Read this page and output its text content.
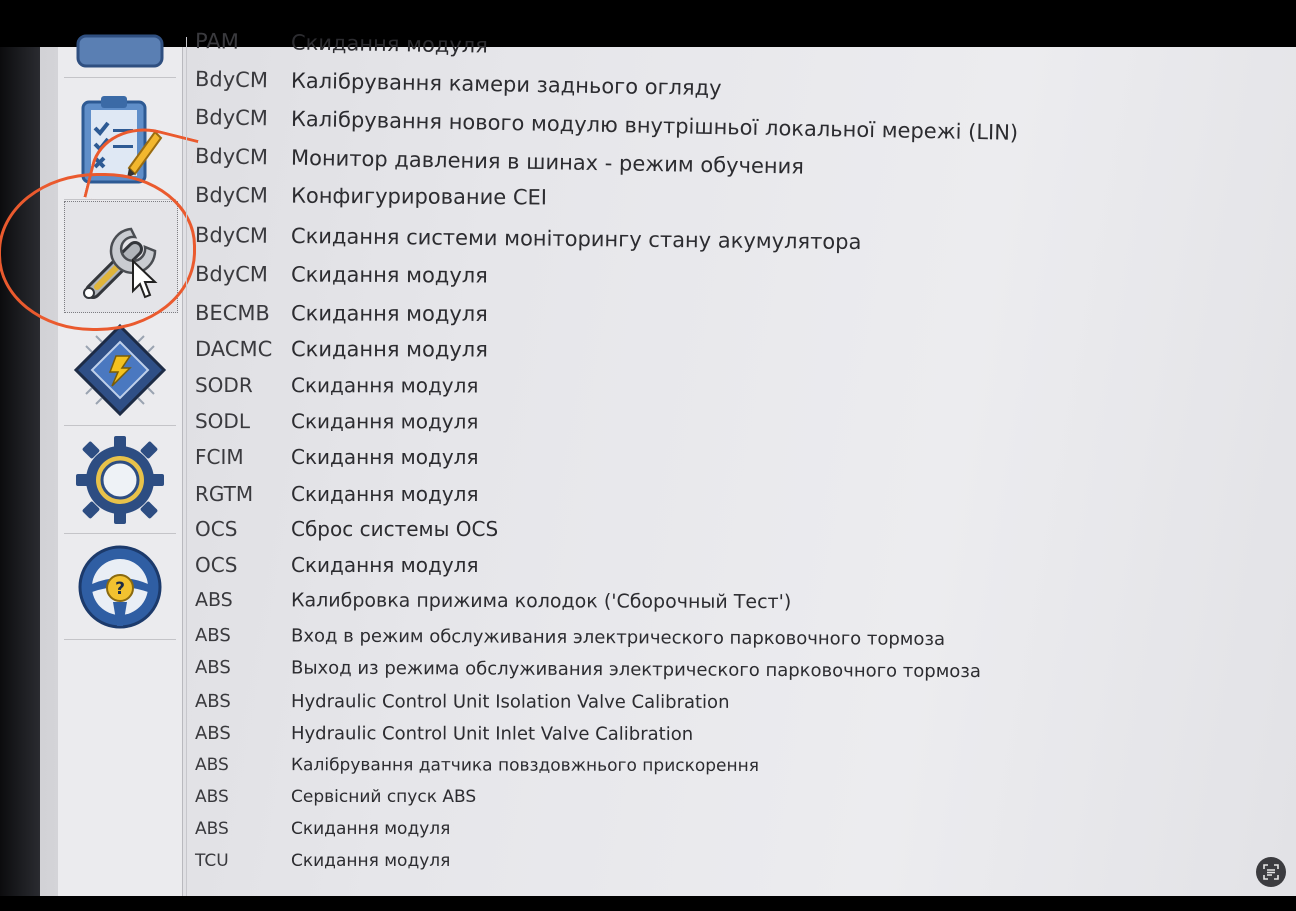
?
PAM	Скидання модуля
BdyCM	Калібрування камери заднього огляду
BdyCM	Калібрування нового модулю внутрішньої локальної мережі (LIN)
BdyCM	Монитор давления в шинах - режим обучения
BdyCM	Конфигурирование CEI
BdyCM	Скидання системи моніторингу стану акумулятора
BdyCM	Скидання модуля
BECMB	Скидання модуля
DACMC Скидання модуля
SODR	Скидання модуля
SODL	Скидання модуля
FCIM	Скидання модуля
RGTM	Скидання модуля
OCS	Сброс системы OCS
OCS	Скидання модуля
ABS	Калибровка прижима колодок ('Сборочный Тест')
ABS	Вход в режим обслуживания электрического парковочного тормоза
ABS	Выход из режима обслуживания электрического парковочного тормоза
ABS	Hydraulic Control Unit Isolation Valve Calibration
ABS	Hydraulic Control Unit Inlet Valve Calibration
ABS	Калібрування датчика повздовжнього прискорення
ABS	Сервісний спуск ABS
ABS	Скидання модуля
TCU	Скидання модуля
